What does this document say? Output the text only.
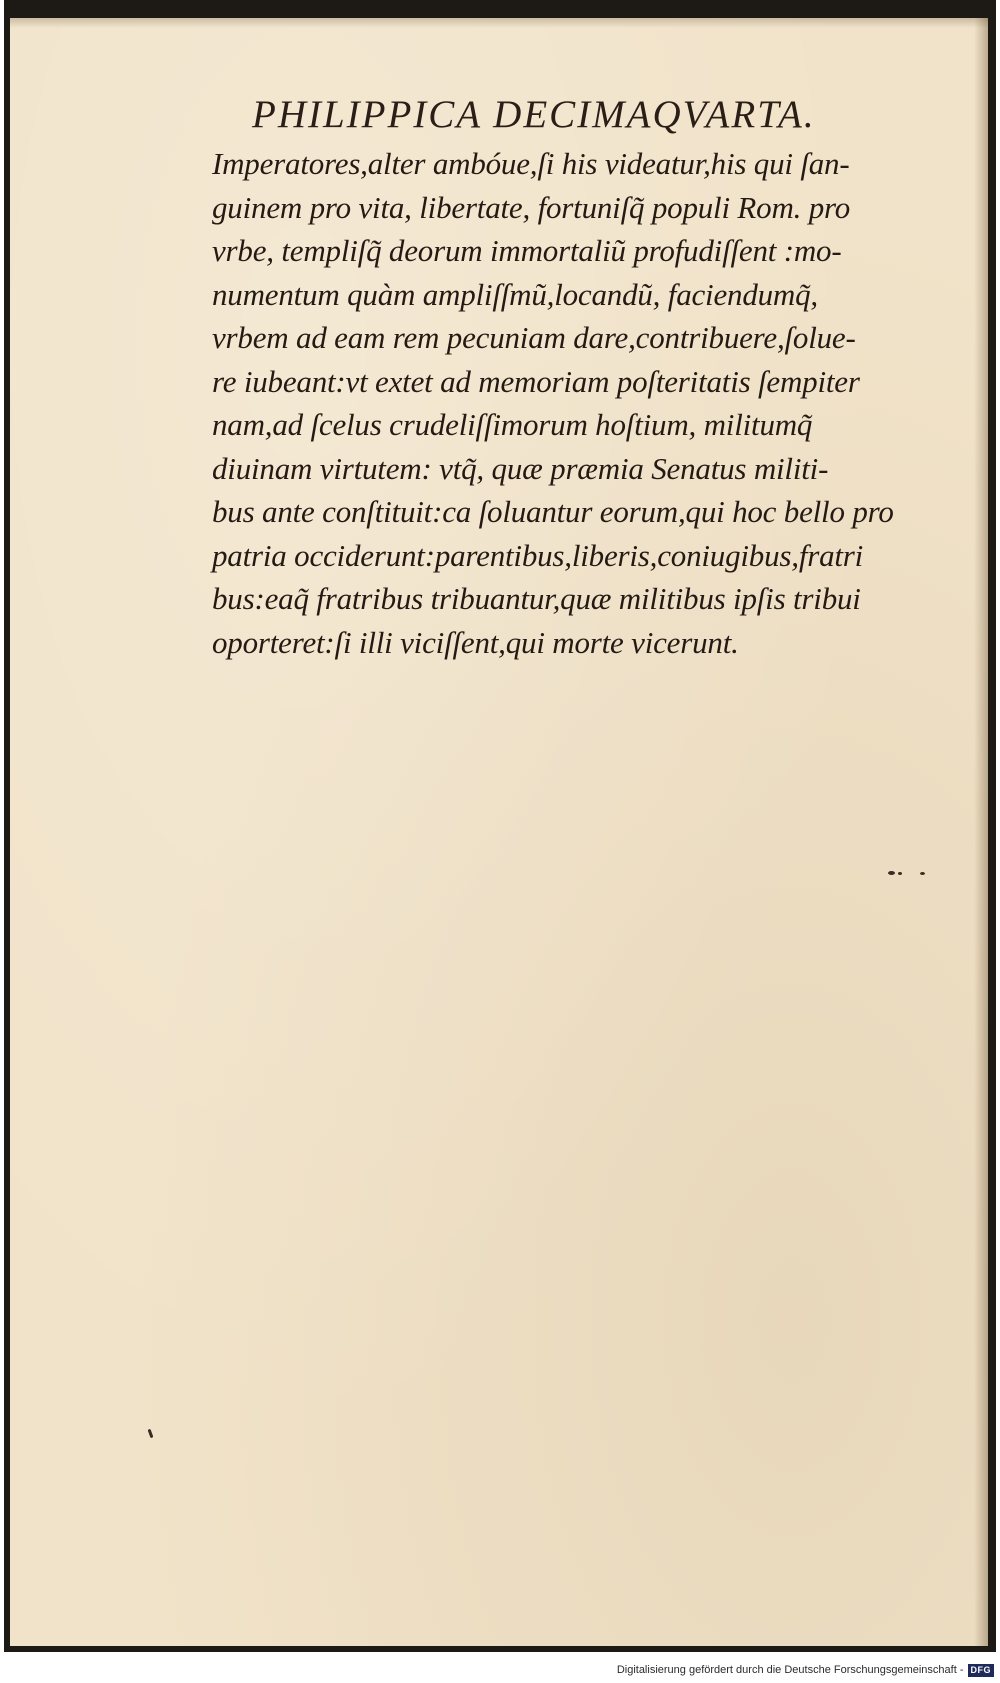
PHILIPPICA DECIMAQVARTA.
Imperatores,alter ambóue,ſi his videatur,his qui ſan-
guinem pro vita, libertate, fortuniſq̃ populi Rom. pro
vrbe, templiſq̃ deorum immortaliũ profudiſſent :mo-
numentum quàm ampliſſmũ,locandũ, faciendumq̃,
vrbem ad eam rem pecuniam dare,contribuere,ſolue-
re iubeant:vt extet ad memoriam poſteritatis ſempiter
nam,ad ſcelus crudeliſſimorum hoſtium, militumq̃
diuinam virtutem: vtq̃, quæ præmia Senatus militi-
bus ante conſtituit:ca ſoluantur eorum,qui hoc bello pro
patria occiderunt:parentibus,liberis,coniugibus,fratri
bus:eaq̃ fratribus tribuantur,quæ militibus ipſis tribui
oporteret:ſi illi viciſſent,qui morte vicerunt.
Digitalisierung gefördert durch die Deutsche Forschungsgemeinschaft - DFG
